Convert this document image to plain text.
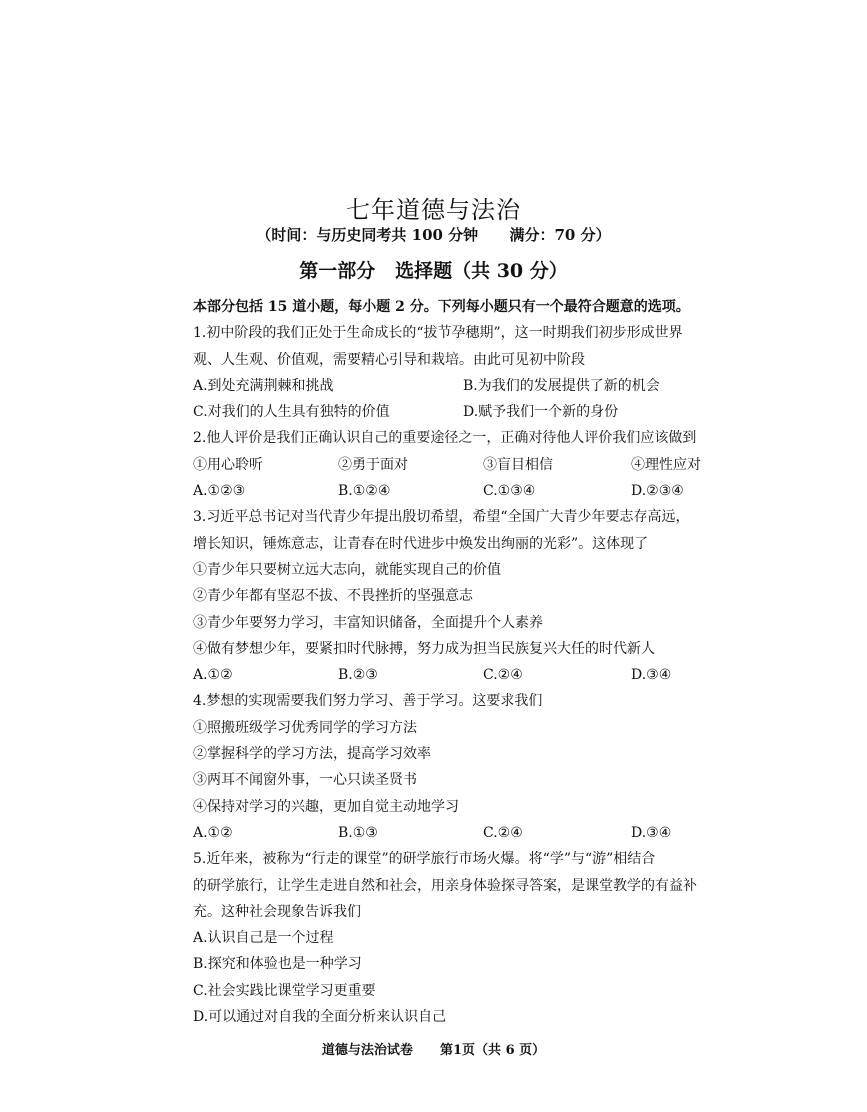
七年道德与法治
（时间：与历史同考共 100 分钟      满分：70 分）
第一部分   选择题（共 30 分）
本部分包括 15 道小题，每小题 2 分。下列每小题只有一个最符合题意的选项。
1.初中阶段的我们正处于生命成长的“拔节孕穗期”，这一时期我们初步形成世界
观、人生观、价值观，需要精心引导和栽培。由此可见初中阶段
A.到处充满荆棘和挑战	B.为我们的发展提供了新的机会
C.对我们的人生具有独特的价值	D.赋予我们一个新的身份
2.他人评价是我们正确认识自己的重要途径之一，正确对待他人评价我们应该做到
①用心聆听	②勇于面对	③盲目相信	④理性应对
A.①②③	B.①②④	C.①③④	D.②③④
3.习近平总书记对当代青少年提出殷切希望，希望“全国广大青少年要志存高远，
增长知识，锤炼意志，让青春在时代进步中焕发出绚丽的光彩”。这体现了
①青少年只要树立远大志向，就能实现自己的价值
②青少年都有坚忍不拔、不畏挫折的坚强意志
③青少年要努力学习，丰富知识储备，全面提升个人素养
④做有梦想少年，要紧扣时代脉搏，努力成为担当民族复兴大任的时代新人
A.①②	B.②③	C.②④	D.③④
4.梦想的实现需要我们努力学习、善于学习。这要求我们
①照搬班级学习优秀同学的学习方法
②掌握科学的学习方法，提高学习效率
③两耳不闻窗外事，一心只读圣贤书
④保持对学习的兴趣，更加自觉主动地学习
A.①②	B.①③	C.②④	D.③④
5.近年来，被称为“行走的课堂”的研学旅行市场火爆。将“学”与“游”相结合
的研学旅行，让学生走进自然和社会，用亲身体验探寻答案，是课堂教学的有益补
充。这种社会现象告诉我们
A.认识自己是一个过程
B.探究和体验也是一种学习
C.社会实践比课堂学习更重要
D.可以通过对自我的全面分析来认识自己
道德与法治试卷      第1页（共 6 页）
